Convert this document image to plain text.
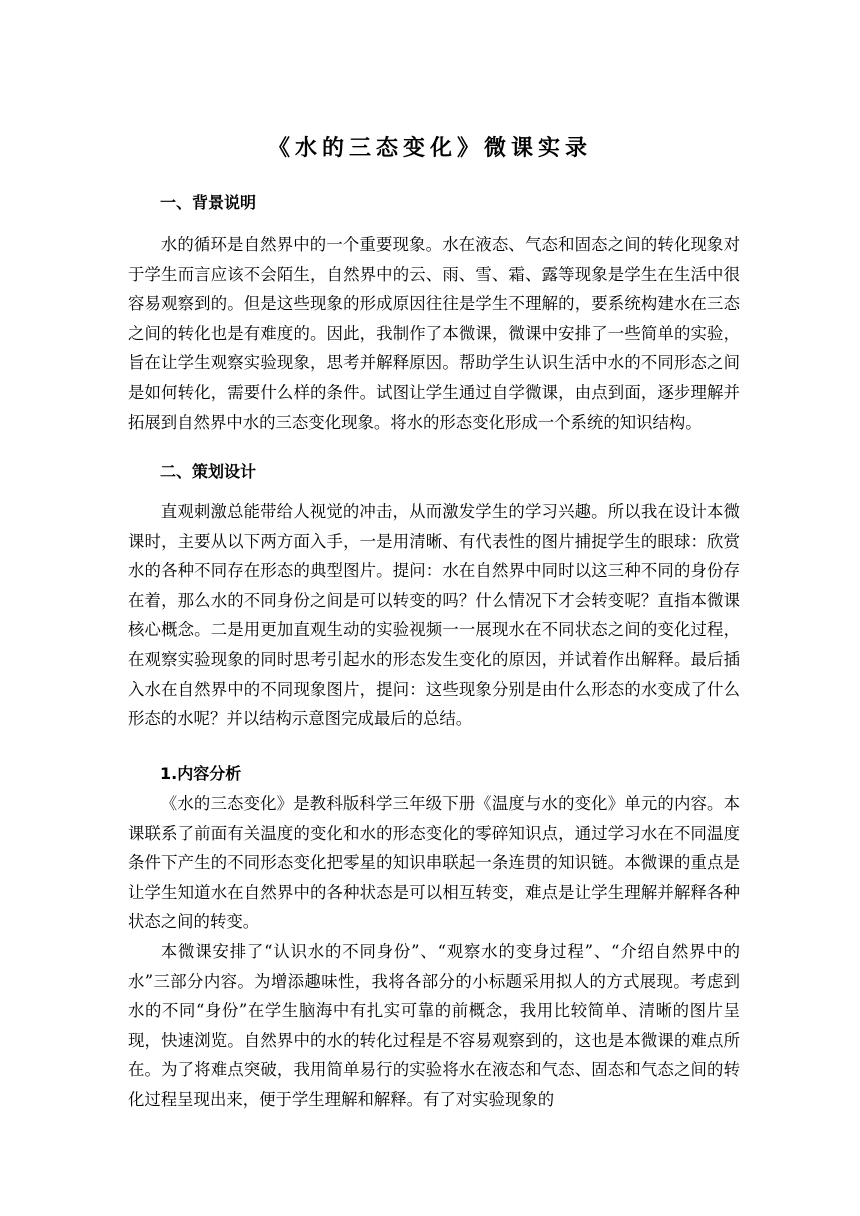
《水的三态变化》微课实录
一、背景说明

水的循环是自然界中的一个重要现象。水在液态、气态和固态之间的转化现象对于学生而言应该不会陌生，自然界中的云、雨、雪、霜、露等现象是学生在生活中很容易观察到的。但是这些现象的形成原因往往是学生不理解的，要系统构建水在三态之间的转化也是有难度的。因此，我制作了本微课，微课中安排了一些简单的实验，旨在让学生观察实验现象，思考并解释原因。帮助学生认识生活中水的不同形态之间是如何转化，需要什么样的条件。试图让学生通过自学微课，由点到面，逐步理解并拓展到自然界中水的三态变化现象。将水的形态变化形成一个系统的知识结构。

二、策划设计

直观刺激总能带给人视觉的冲击，从而激发学生的学习兴趣。所以我在设计本微课时，主要从以下两方面入手，一是用清晰、有代表性的图片捕捉学生的眼球：欣赏水的各种不同存在形态的典型图片。提问：水在自然界中同时以这三种不同的身份存在着，那么水的不同身份之间是可以转变的吗？什么情况下才会转变呢？直指本微课核心概念。二是用更加直观生动的实验视频一一展现水在不同状态之间的变化过程，在观察实验现象的同时思考引起水的形态发生变化的原因，并试着作出解释。最后插入水在自然界中的不同现象图片，提问：这些现象分别是由什么形态的水变成了什么形态的水呢？并以结构示意图完成最后的总结。

1.内容分析

《水的三态变化》是教科版科学三年级下册《温度与水的变化》单元的内容。本课联系了前面有关温度的变化和水的形态变化的零碎知识点，通过学习水在不同温度条件下产生的不同形态变化把零星的知识串联起一条连贯的知识链。本微课的重点是让学生知道水在自然界中的各种状态是可以相互转变，难点是让学生理解并解释各种状态之间的转变。

本微课安排了“认识水的不同身份”、“观察水的变身过程”、“介绍自然界中的水”三部分内容。为增添趣味性，我将各部分的小标题采用拟人的方式展现。考虑到水的不同“身份”在学生脑海中有扎实可靠的前概念，我用比较简单、清晰的图片呈现，快速浏览。自然界中的水的转化过程是不容易观察到的，这也是本微课的难点所在。为了将难点突破，我用简单易行的实验将水在液态和气态、固态和气态之间的转化过程呈现出来，便于学生理解和解释。有了对实验现象的
